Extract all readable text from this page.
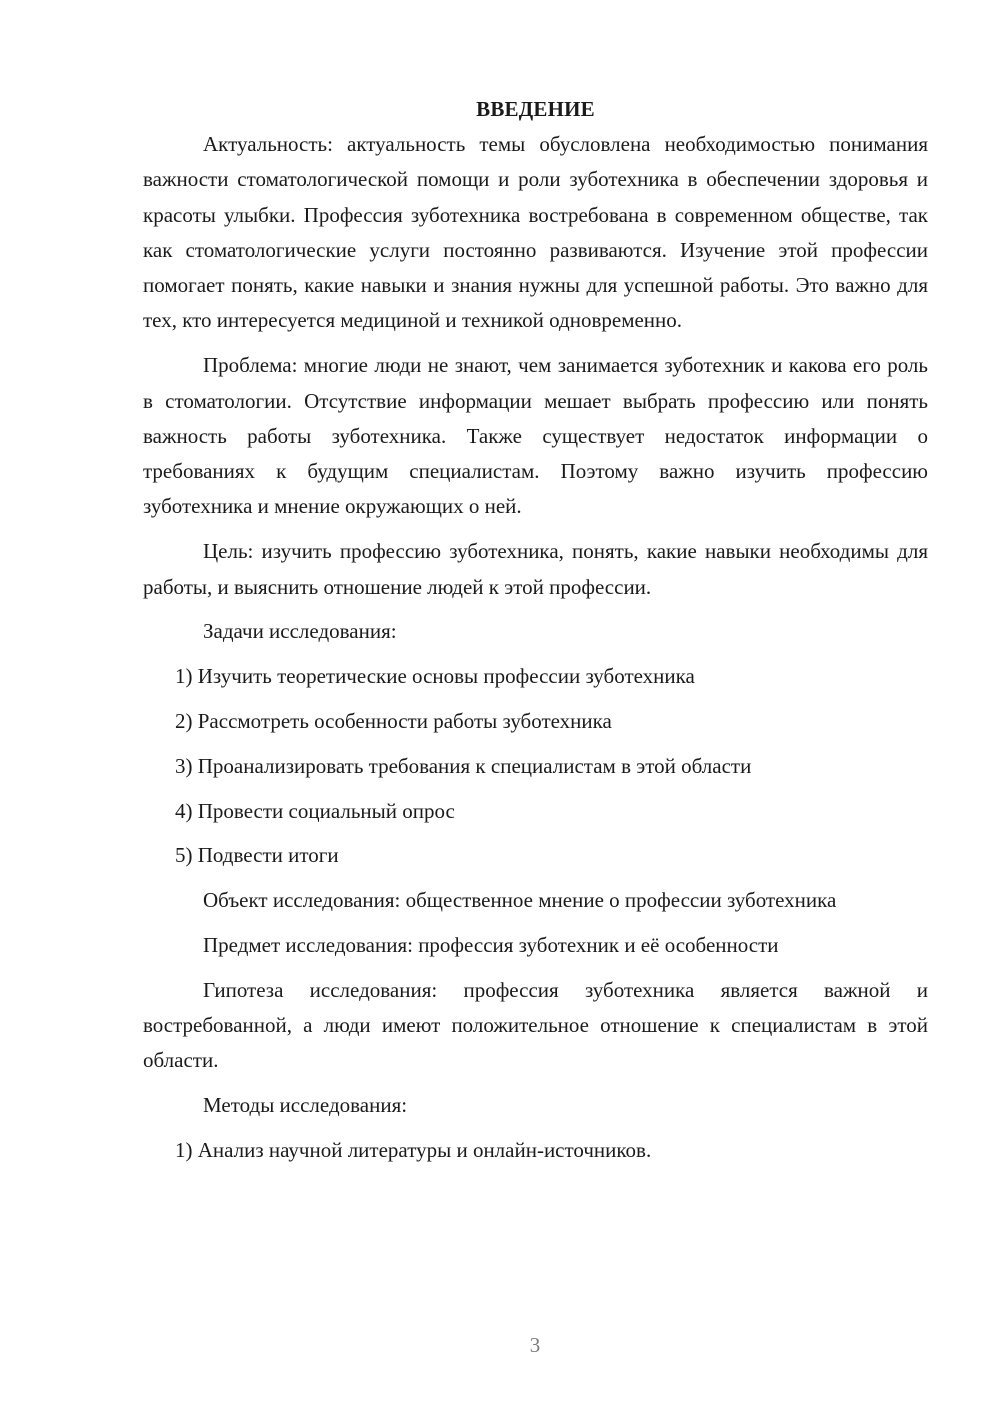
ВВЕДЕНИЕ

Актуальность: актуальность темы обусловлена необходимостью понимания важности стоматологической помощи и роли зуботехника в обеспечении здоровья и красоты улыбки. Профессия зуботехника востребована в современном обществе, так как стоматологические услуги постоянно развиваются. Изучение этой профессии помогает понять, какие навыки и знания нужны для успешной работы. Это важно для тех, кто интересуется медициной и техникой одновременно.

Проблема: многие люди не знают, чем занимается зуботехник и какова его роль в стоматологии. Отсутствие информации мешает выбрать профессию или понять важность работы зуботехника. Также существует недостаток информации о требованиях к будущим специалистам. Поэтому важно изучить профессию зуботехника и мнение окружающих о ней.

Цель: изучить профессию зуботехника, понять, какие навыки необходимы для работы, и выяснить отношение людей к этой профессии.

Задачи исследования:

1) Изучить теоретические основы профессии зуботехника

2) Рассмотреть особенности работы зуботехника

3) Проанализировать требования к специалистам в этой области

4) Провести социальный опрос

5) Подвести итоги

Объект исследования: общественное мнение о профессии зуботехника

Предмет исследования: профессия зуботехник и её особенности

Гипотеза исследования: профессия зуботехника является важной и востребованной, а люди имеют положительное отношение к специалистам в этой области.

Методы исследования:

1) Анализ научной литературы и онлайн-источников.

3
